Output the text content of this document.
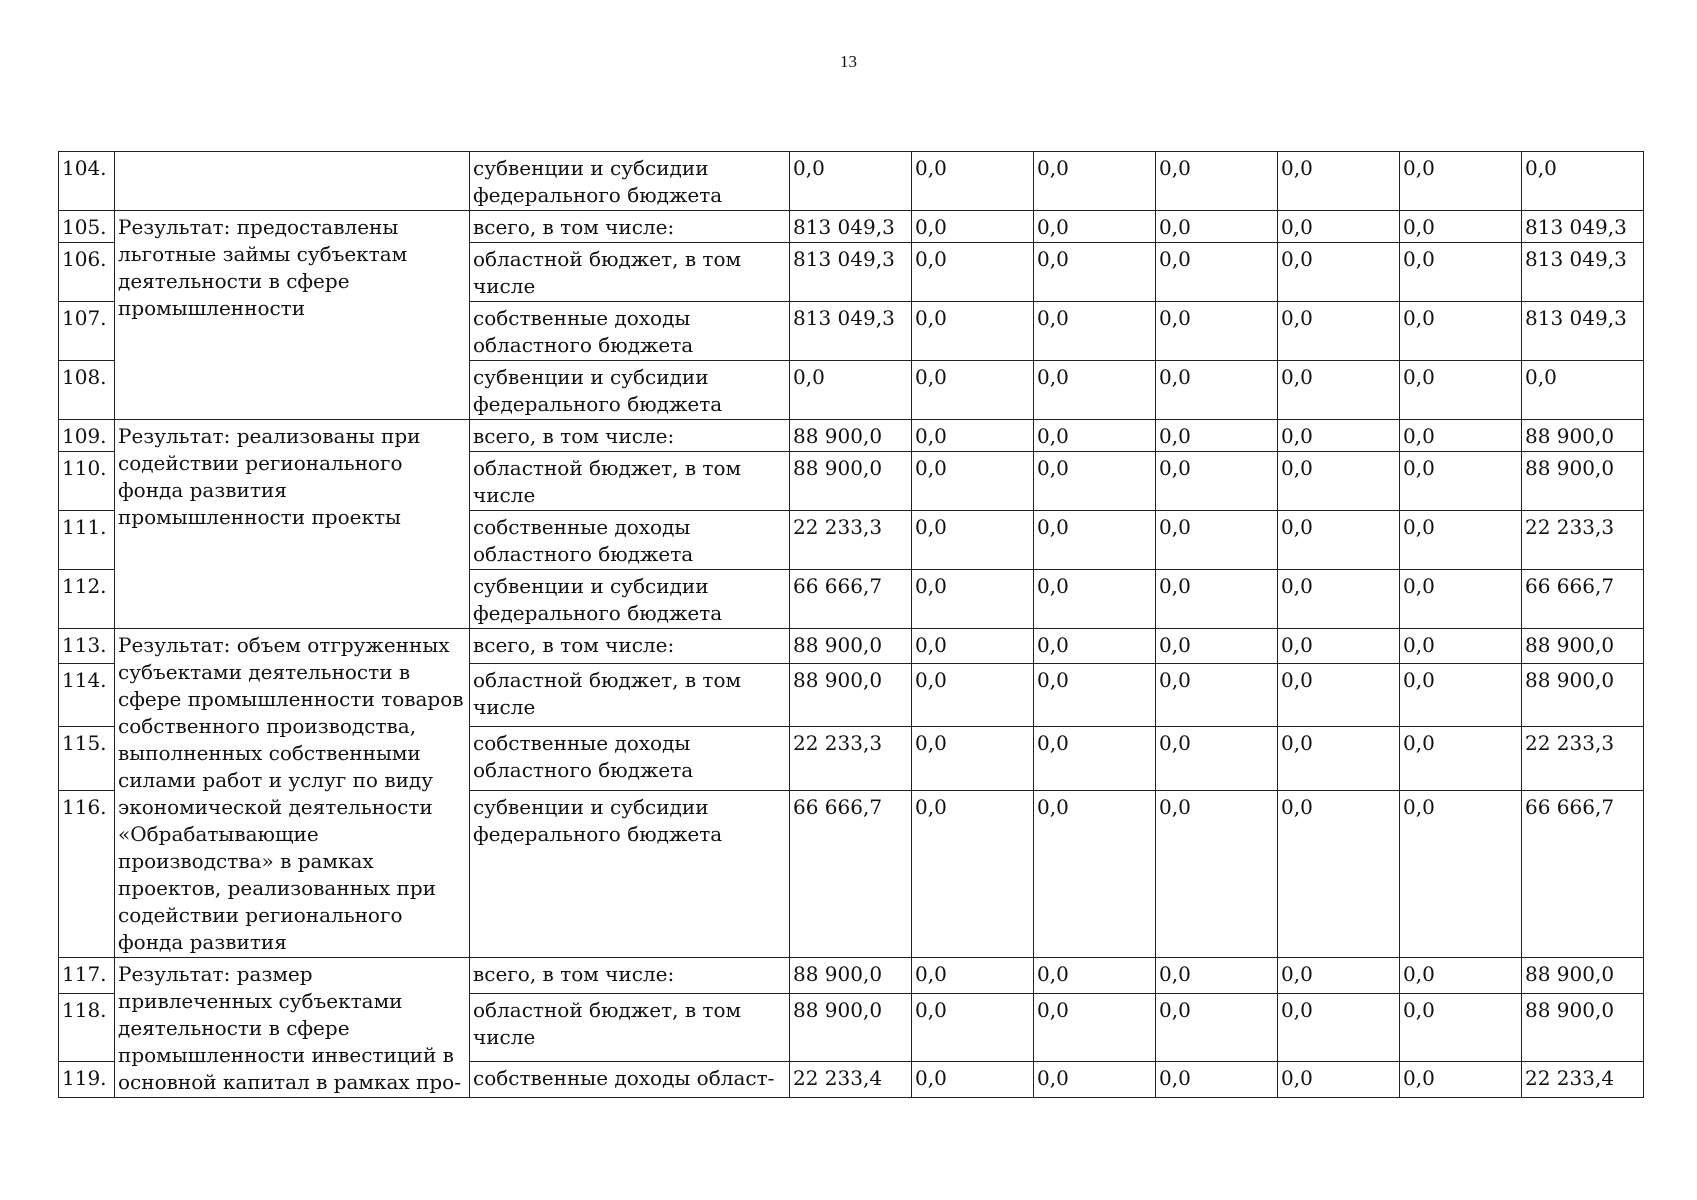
13
104.		субвенции и субсидии федерального бюджета	0,0	0,0	0,0	0,0	0,0	0,0	0,0
105.	Результат: предоставлены льготные займы субъектам деятельности в сфере промышленности	всего, в том числе:	813 049,3	0,0	0,0	0,0	0,0	0,0	813 049,3
106.		областной бюджет, в том числе	813 049,3	0,0	0,0	0,0	0,0	0,0	813 049,3
107.		собственные доходы областного бюджета	813 049,3	0,0	0,0	0,0	0,0	0,0	813 049,3
108.		субвенции и субсидии федерального бюджета	0,0	0,0	0,0	0,0	0,0	0,0	0,0
109.	Результат: реализованы при содействии регионального фонда развития промышленности проекты	всего, в том числе:	88 900,0	0,0	0,0	0,0	0,0	0,0	88 900,0
110.		областной бюджет, в том числе	88 900,0	0,0	0,0	0,0	0,0	0,0	88 900,0
111.		собственные доходы областного бюджета	22 233,3	0,0	0,0	0,0	0,0	0,0	22 233,3
112.		субвенции и субсидии федерального бюджета	66 666,7	0,0	0,0	0,0	0,0	0,0	66 666,7
113.	Результат: объем отгруженных субъектами деятельности в сфере промышленности товаров собственного производства, выполненных собственными силами работ и услуг по виду экономической деятельности «Обрабатывающие производства» в рамках проектов, реализованных при содействии регионального фонда развития	всего, в том числе:	88 900,0	0,0	0,0	0,0	0,0	0,0	88 900,0
114.		областной бюджет, в том числе	88 900,0	0,0	0,0	0,0	0,0	0,0	88 900,0
115.		собственные доходы областного бюджета	22 233,3	0,0	0,0	0,0	0,0	0,0	22 233,3
116.		субвенции и субсидии федерального бюджета	66 666,7	0,0	0,0	0,0	0,0	0,0	66 666,7
117.	Результат: размер привлеченных субъектами деятельности в сфере промышленности инвестиций в основной капитал в рамках про-	всего, в том числе:	88 900,0	0,0	0,0	0,0	0,0	0,0	88 900,0
118.		областной бюджет, в том числе	88 900,0	0,0	0,0	0,0	0,0	0,0	88 900,0
119.		собственные доходы област-	22 233,4	0,0	0,0	0,0	0,0	0,0	22 233,4
